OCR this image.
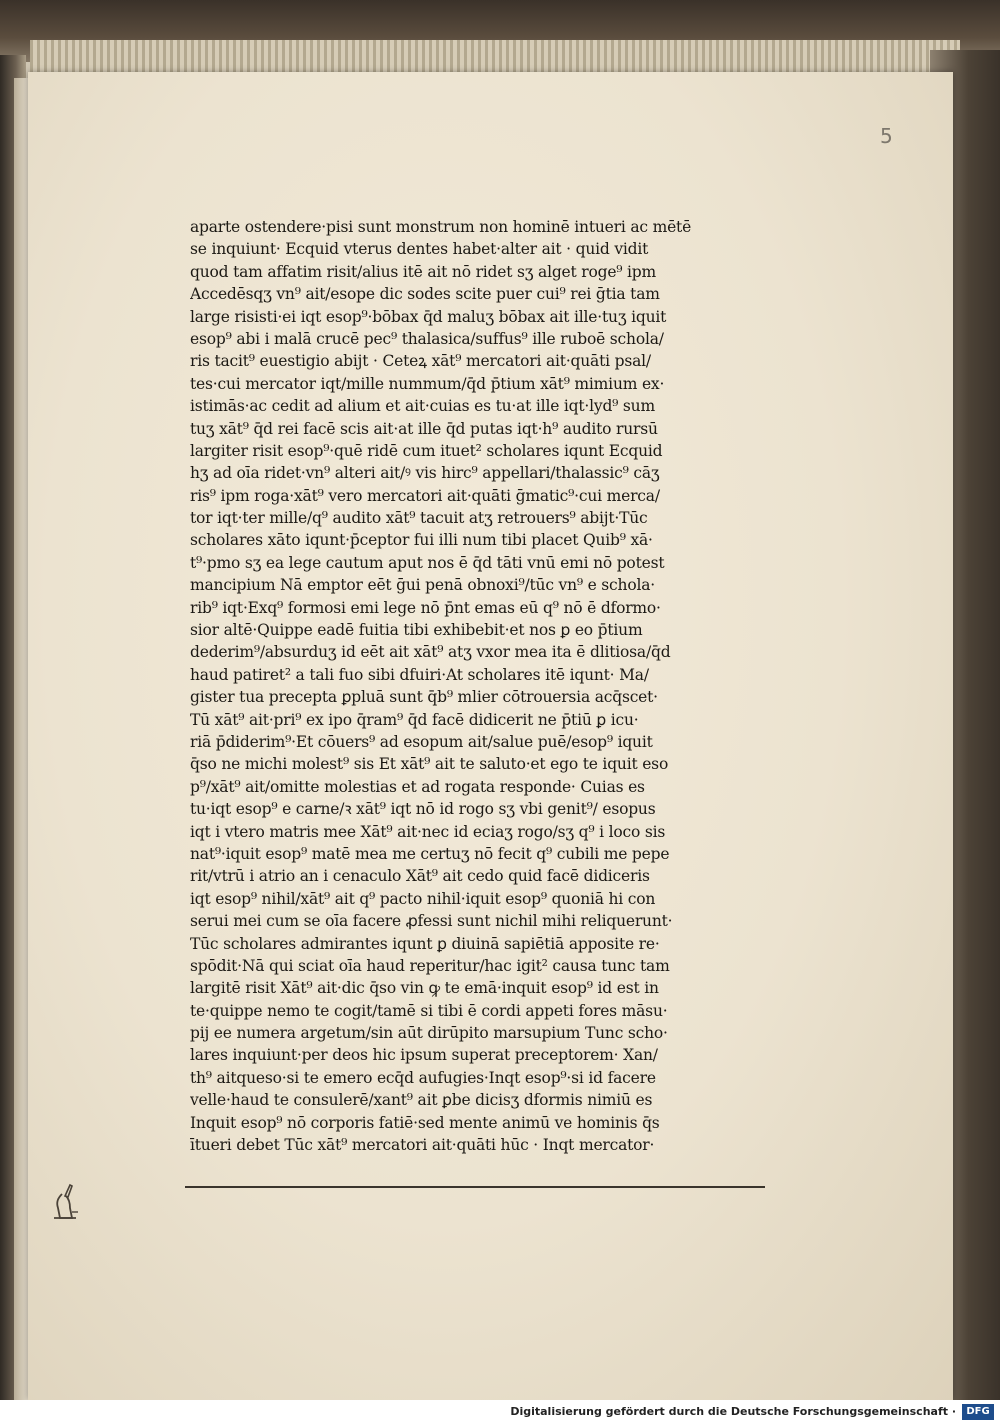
5
aparte ostendere·pisi sunt monstrum non hominē intueri ac mētē
se inquiunt· Ecquid vterus dentes habet·alter ait · quid vidit
quod tam affatim risit/alius itē ait nō ridet sʒ alget roge⁹ ipm
Accedēsqʒ vn⁹ ait/esope dic sodes scite puer cui⁹ rei ḡtia tam
large risisti·ei iqt esop⁹·bōbax q̄d maluʒ bōbax ait ille·tuʒ iquit
esop⁹ abi i malā crucē pec⁹ thalasica/suffus⁹ ille ruboē schola/
ris tacit⁹ euestigio abijt · Ceteꝝ xāt⁹ mercatori ait·quāti psal/
tes·cui mercator iqt/mille nummum/q̄d p̄tium xāt⁹ mimium ex·
istimās·ac cedit ad alium et ait·cuias es tu·at ille iqt·lyd⁹ sum
tuʒ xāt⁹ q̄d rei facē scis ait·at ille q̄d putas iqt·h⁹ audito rursū
largiter risit esop⁹·quē ridē cum ituet² scholares iqunt Ecquid
hʒ ad oīa ridet·vn⁹ alteri ait/ꝰ vis hirc⁹ appellari/thalassic⁹ cāʒ
ris⁹ ipm roga·xāt⁹ vero mercatori ait·quāti ḡmatic⁹·cui merca/
tor iqt·ter mille/q⁹ audito xāt⁹ tacuit atʒ retrouers⁹ abijt·Tūc
scholares xāto iqunt·p̄ceptor fui illi num tibi placet Quib⁹ xā·
t⁹·pmo sʒ ea lege cautum aput nos ē q̄d tāti vnū emi nō potest
mancipium Nā emptor eēt ḡui penā obnoxi⁹/tūc vn⁹ e schola·
rib⁹ iqt·Exq⁹ formosi emi lege nō p̄nt emas eū q⁹ nō ē dformo·
sior altē·Quippe eadē fuitia tibi exhibebit·et nos ꝑ eo p̄tium
dederim⁹/absurduʒ id eēt ait xāt⁹ atʒ vxor mea ita ē dlitiosa/q̄d
haud patiret² a tali fuo sibi dfuiri·At scholares itē iqunt· Ma/
gister tua precepta ꝑpluā sunt q̄b⁹ mlier cōtrouersia acq̄scet·
Tū xāt⁹ ait·pri⁹ ex ipo q̄ram⁹ q̄d facē didicerit ne p̄tiū ꝑ icu·
riā p̄diderim⁹·Et cōuers⁹ ad esopum ait/salue puē/esop⁹ iquit
q̄so ne michi molest⁹ sis Et xāt⁹ ait te saluto·et ego te iquit eso
p⁹/xāt⁹ ait/omitte molestias et ad rogata responde· Cuias es
tu·iqt esop⁹ e carne/ꝛ xāt⁹ iqt nō id rogo sʒ vbi genit⁹/ esopus
iqt i vtero matris mee Xāt⁹ ait·nec id eciaʒ rogo/sʒ q⁹ i loco sis
nat⁹·iquit esop⁹ matē mea me certuʒ nō fecit q⁹ cubili me pepe
rit/vtrū i atrio an i cenaculo Xāt⁹ ait cedo quid facē didiceris
iqt esop⁹ nihil/xāt⁹ ait q⁹ pacto nihil·iquit esop⁹ quoniā hi con
serui mei cum se oīa facere ꝓfessi sunt nichil mihi reliquerunt·
Tūc scholares admirantes iqunt ꝑ diuinā sapiētiā apposite re·
spōdit·Nā qui sciat oīa haud reperitur/hac igit² causa tunc tam
largitē risit Xāt⁹ ait·dic q̄so vin ꝙ te emā·inquit esop⁹ id est in
te·quippe nemo te cogit/tamē si tibi ē cordi appeti fores māsu·
pij ee numera argetum/sin aūt dirūpito marsupium Tunc scho·
lares inquiunt·per deos hic ipsum superat preceptorem· Xan/
th⁹ aitqueso·si te emero ecq̄d aufugies·Inqt esop⁹·si id facere
velle·haud te consulerē/xant⁹ ait ꝑbe dicisʒ dformis nimiū es
Inquit esop⁹ nō corporis fatiē·sed mente animū ve hominis q̄s
ītueri debet Tūc xāt⁹ mercatori ait·quāti hūc · Inqt mercator·
Digitalisierung gefördert durch die Deutsche Forschungsgemeinschaft ·	DFG
